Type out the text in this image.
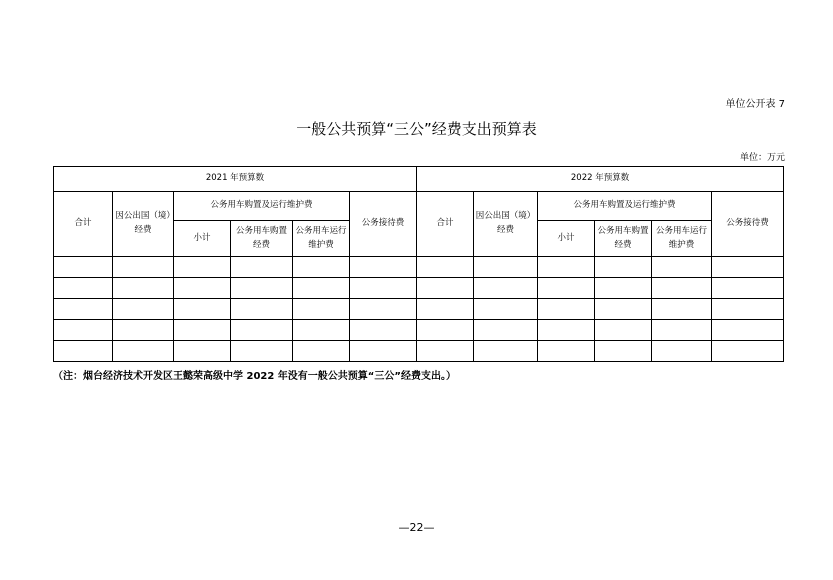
单位公开表 7
一般公共预算“三公”经费支出预算表
单位：万元
2021 年预算数						2022 年预算数					
合计	因公出国（境）经费	公务用车购置及运行维护费			公务接待费	合计	因公出国（境）经费	公务用车购置及运行维护费			公务接待费
		小计	公务用车购置经费	公务用车运行维护费				小计	公务用车购置经费	公务用车运行维护费	

（注：烟台经济技术开发区王懿荣高级中学 2022 年没有一般公共预算“三公”经费支出。）
—22—
